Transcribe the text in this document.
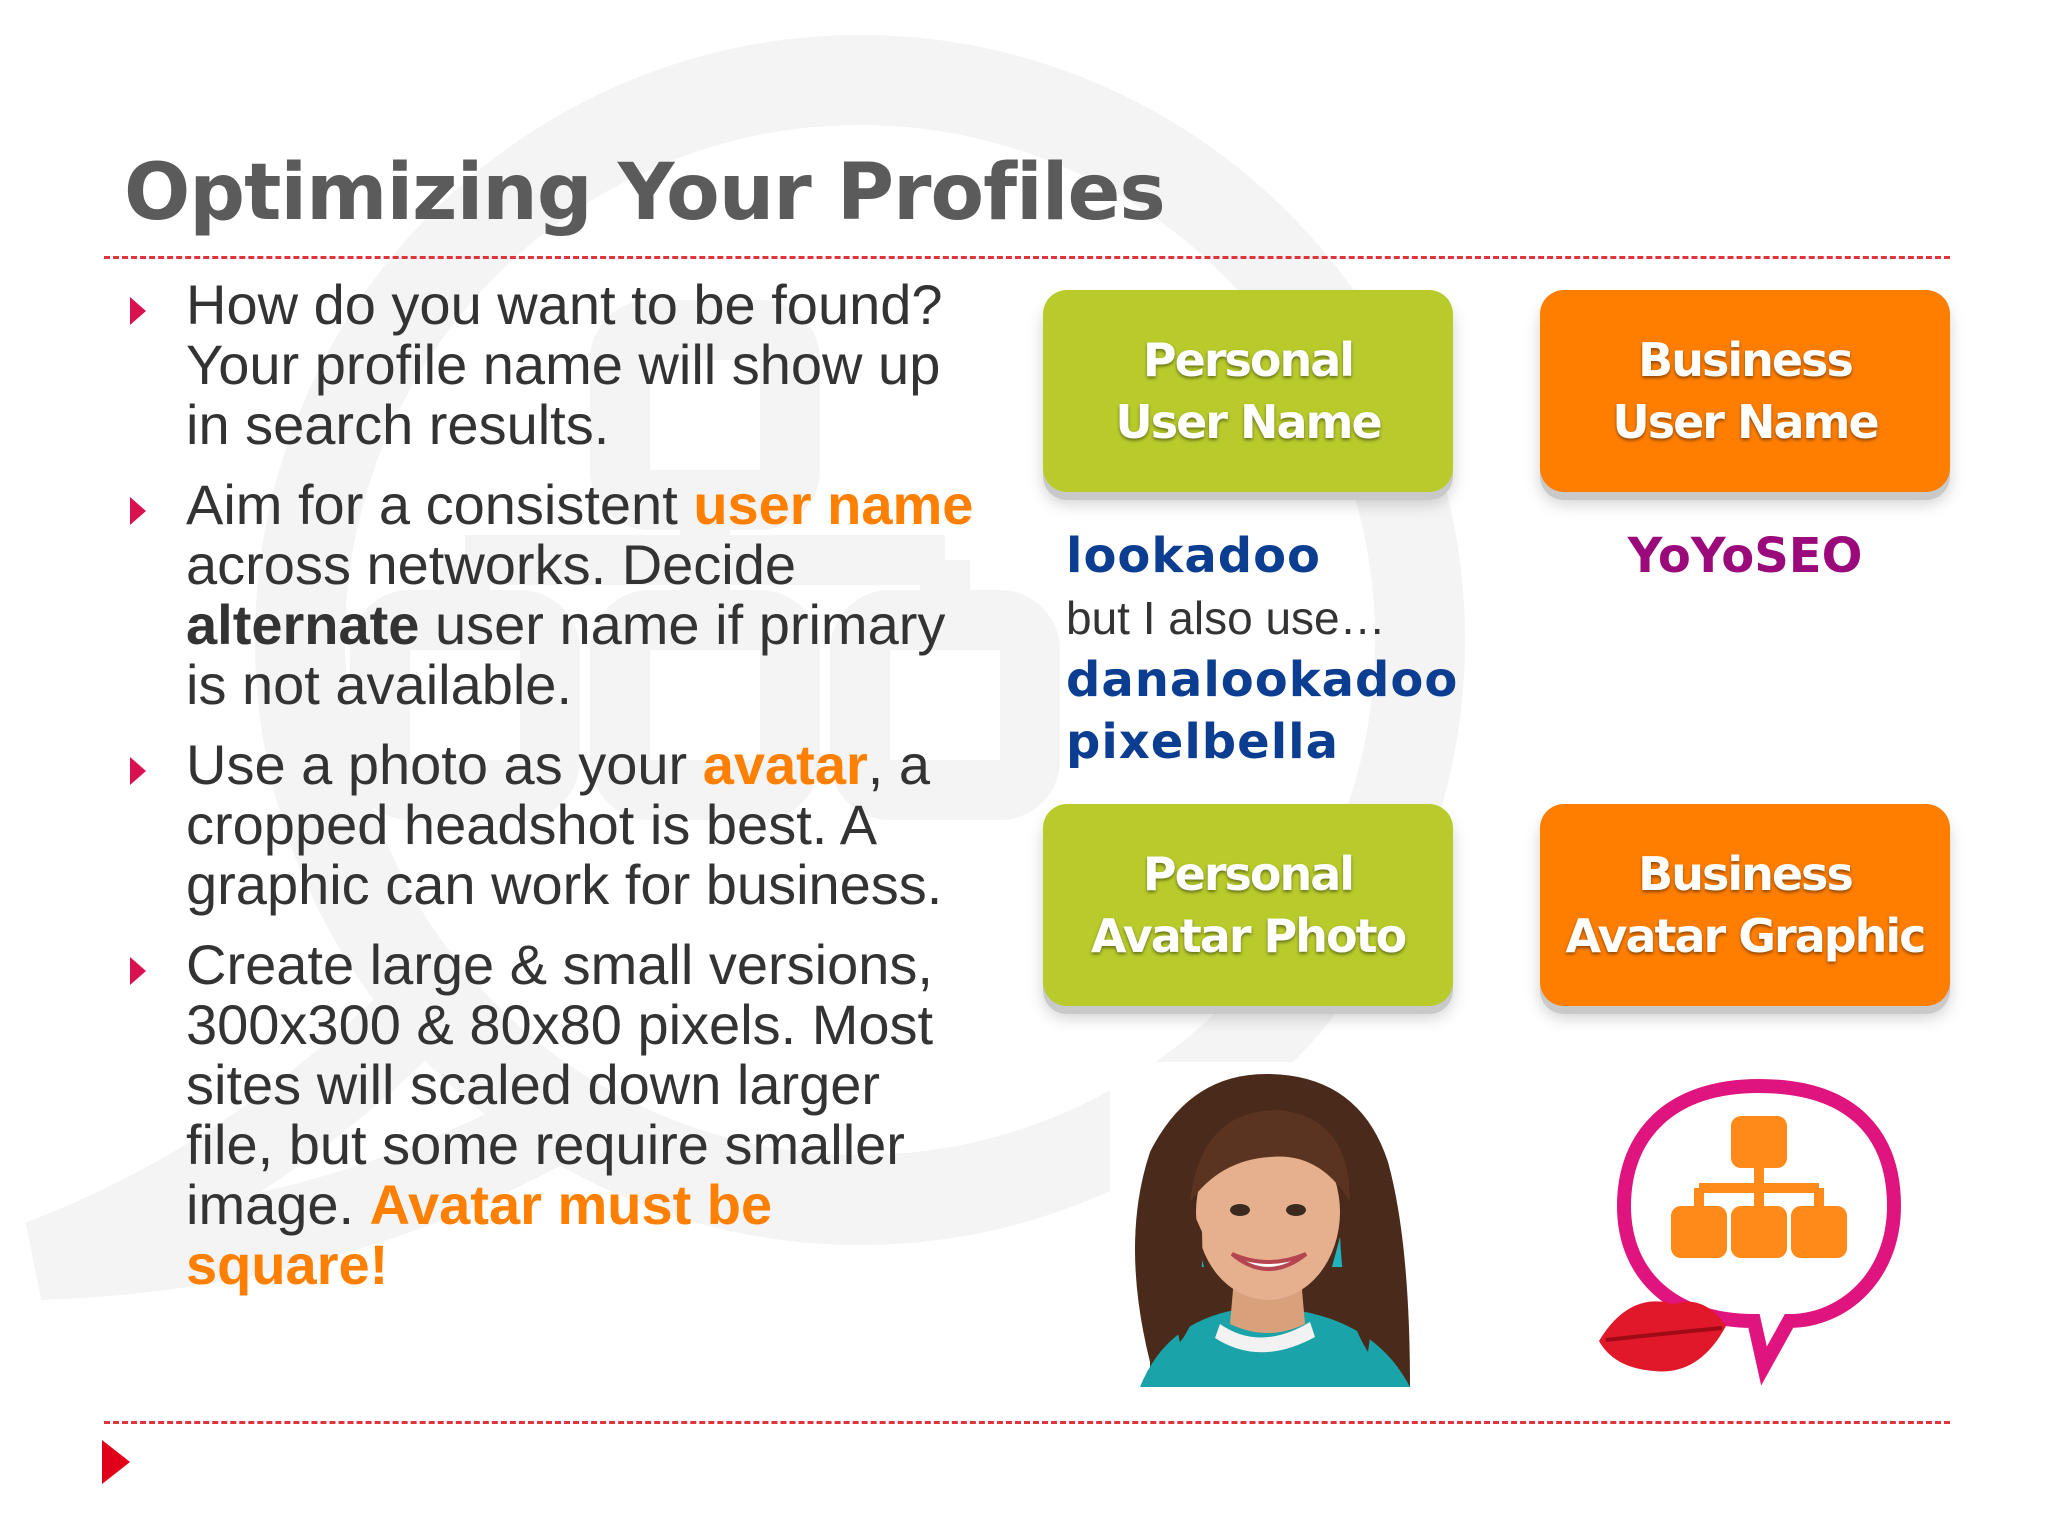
Optimizing Your Profiles
How do you want to be found? Your profile name will show up in search results.
Aim for a consistent user name across networks. Decide alternate user name if primary is not available.
Use a photo as your avatar, a cropped headshot is best. A graphic can work for business.
Create large & small versions, 300x300 & 80x80 pixels. Most sites will scaled down larger file, but some require smaller image. Avatar must be square!
Personal
User Name
Business
User Name
lookadoo
but I also use…
danalookadoo
pixelbella
YoYoSEO
Personal
Avatar Photo
Business
Avatar Graphic
